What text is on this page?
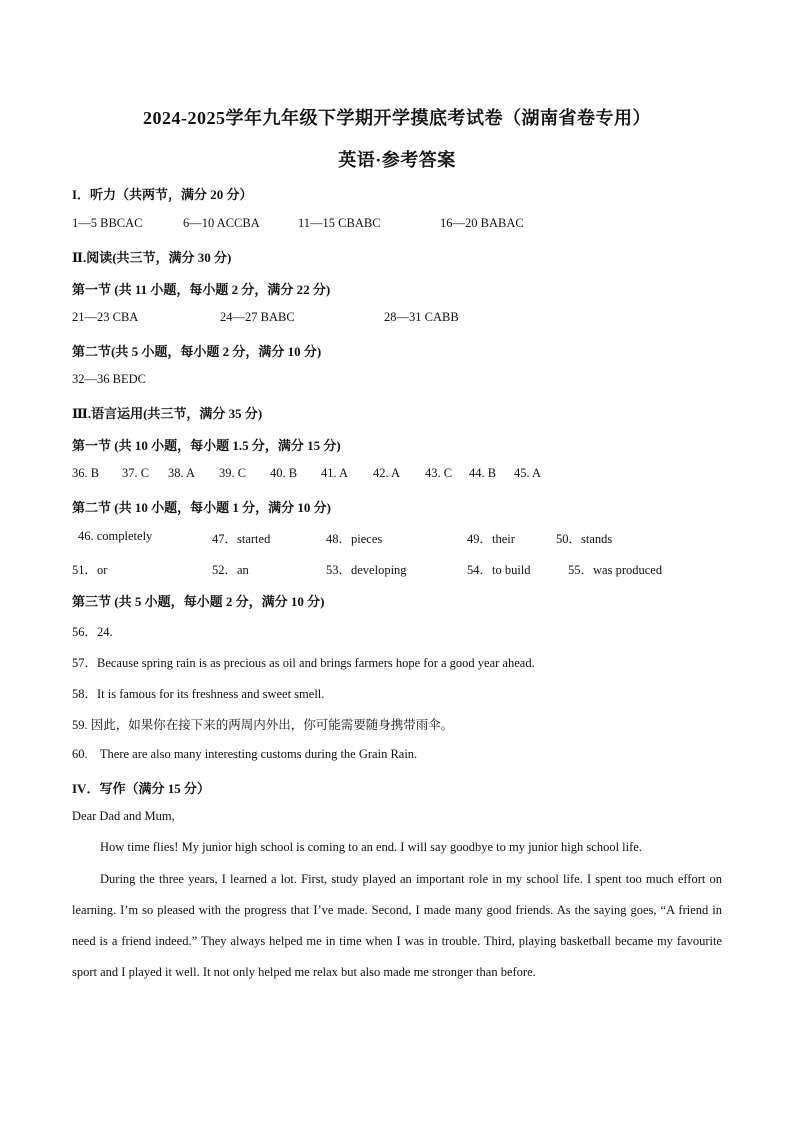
2024-2025学年九年级下学期开学摸底考试卷（湖南省卷专用）
英语·参考答案
I．听力（共两节，满分 20 分）
1—5 BBCAC	6—10 ACCBA	11—15 CBABC	16—20 BABAC
Ⅱ.阅读(共三节，满分 30 分)
第一节 (共 11 小题，每小题 2 分，满分 22 分)
21—23 CBA	24—27 BABC	28—31 CABB
第二节(共 5 小题，每小题 2 分，满分 10 分)
32—36 BEDC
Ⅲ.语言运用(共三节，满分 35 分)
第一节 (共 10 小题，每小题 1.5 分，满分 15 分)
36. B 37. C 38. A 39. C 40. B 41. A 42. A 43. C 44. B 45. A
第二节 (共 10 小题，每小题 1 分，满分 10 分)
46. completely	47．started	48．pieces	49．their	50．stands
51．or	52．an	53．developing	54．to build	55．was produced
第三节 (共 5 小题，每小题 2 分，满分 10 分)
56．24.
57．Because spring rain is as precious as oil and brings farmers hope for a good year ahead.
58．It is famous for its freshness and sweet smell.
59. 因此，如果你在接下来的两周内外出，你可能需要随身携带雨伞。
60.    There are also many interesting customs during the Grain Rain.
IV．写作（满分 15 分）
Dear Dad and Mum,
How time flies! My junior high school is coming to an end. I will say goodbye to my junior high school life.
During the three years, I learned a lot. First, study played an important role in my school life. I spent too much effort on learning. I’m so pleased with the progress that I’ve made. Second, I made many good friends. As the saying goes, “A friend in need is a friend indeed.” They always helped me in time when I was in trouble. Third, playing basketball became my favourite sport and I played it well. It not only helped me relax but also made me stronger than before.
